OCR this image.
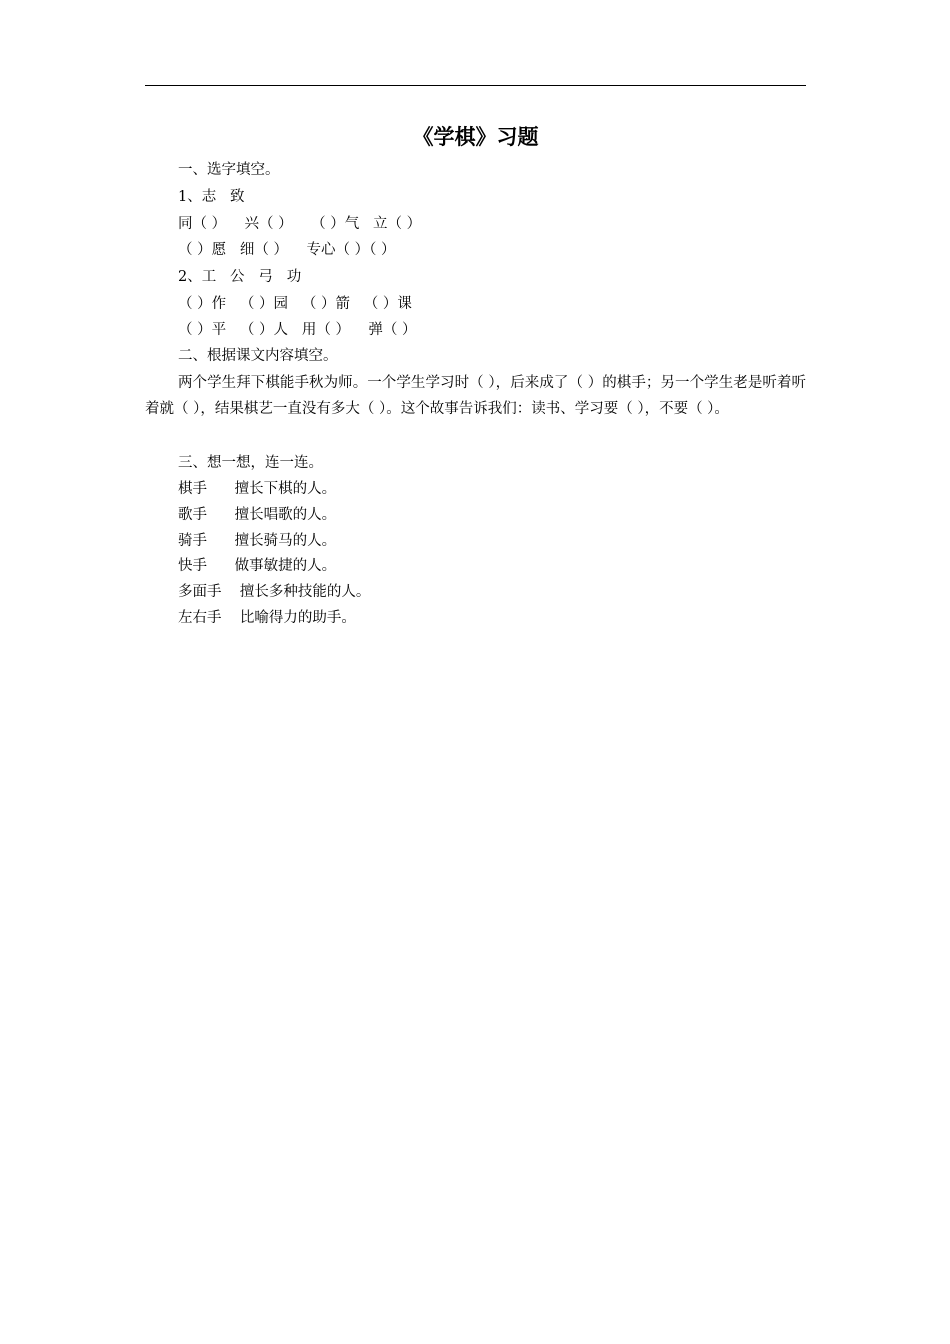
《学棋》习题
一、选字填空。
1、志   致
同（ ）    兴（ ）    （ ）气   立（ ）
（ ）愿   细（ ）    专心（ ）（ ）
2、工   公   弓   功
（ ）作   （ ）园   （ ）箭   （ ）课
（ ）平   （ ）人   用（ ）    弹（ ）
二、根据课文内容填空。
两个学生拜下棋能手秋为师。一个学生学习时（ ），后来成了（ ）的棋手；另一个学生老是听着听着就（ ），结果棋艺一直没有多大（ ）。这个故事告诉我们：读书、学习要（ ），不要（ ）。
三、想一想，连一连。
棋手      擅长下棋的人。
歌手      擅长唱歌的人。
骑手      擅长骑马的人。
快手      做事敏捷的人。
多面手    擅长多种技能的人。
左右手    比喻得力的助手。
